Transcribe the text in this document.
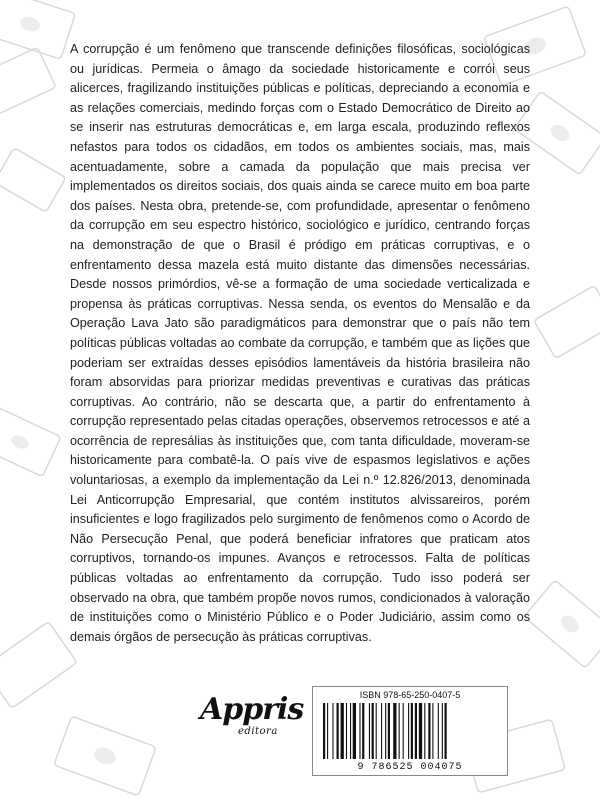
A corrupção é um fenômeno que transcende definições filosóficas, sociológicas ou jurídicas. Permeia o âmago da sociedade historicamente e corrói seus alicerces, fragilizando instituições públicas e políticas, depreciando a economia e as relações comerciais, medindo forças com o Estado Democrático de Direito ao se inserir nas estruturas democráticas e, em larga escala, produzindo reflexos nefastos para todos os cidadãos, em todos os ambientes sociais, mas, mais acentuadamente, sobre a camada da população que mais precisa ver implementados os direitos sociais, dos quais ainda se carece muito em boa parte dos países. Nesta obra, pretende-se, com profundidade, apresentar o fenômeno da corrupção em seu espectro histórico, sociológico e jurídico, centrando forças na demonstração de que o Brasil é pródigo em práticas corruptivas, e o enfrentamento dessa mazela está muito distante das dimensões necessárias. Desde nossos primórdios, vê-se a formação de uma sociedade verticalizada e propensa às práticas corruptivas. Nessa senda, os eventos do Mensalão e da Operação Lava Jato são paradigmáticos para demonstrar que o país não tem políticas públicas voltadas ao combate da corrupção, e também que as lições que poderiam ser extraídas desses episódios lamentáveis da história brasileira não foram absorvidas para priorizar medidas preventivas e curativas das práticas corruptivas. Ao contrário, não se descarta que, a partir do enfrentamento à corrupção representado pelas citadas operações, observemos retrocessos e até a ocorrência de represálias às instituições que, com tanta dificuldade, moveram-se historicamente para combatê-la. O país vive de espasmos legislativos e ações voluntariosas, a exemplo da implementação da Lei n.º 12.826/2013, denominada Lei Anticorrupção Empresarial, que contém institutos alvissareiros, porém insuficientes e logo fragilizados pelo surgimento de fenômenos como o Acordo de Não Persecução Penal, que poderá beneficiar infratores que praticam atos corruptivos, tornando-os impunes. Avanços e retrocessos. Falta de políticas públicas voltadas ao enfrentamento da corrupção. Tudo isso poderá ser observado na obra, que também propõe novos rumos, condicionados à valoração de instituições como o Ministério Público e o Poder Judiciário, assim como os demais órgãos de persecução às práticas corruptivas.

Appris
editora
ISBN 978-65-250-0407-5
9 786525 004075
